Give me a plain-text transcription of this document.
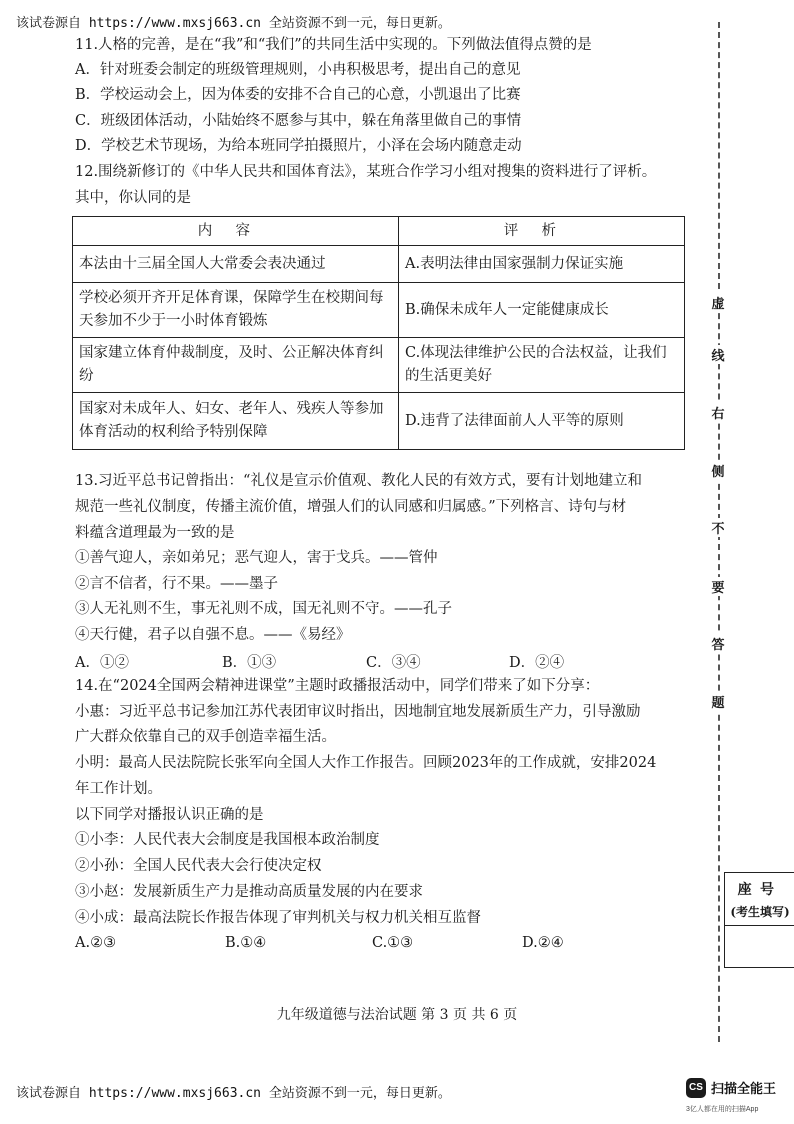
该试卷源自 https://www.mxsj663.cn 全站资源不到一元，每日更新。
11.人格的完善，是在“我”和“我们”的共同生活中实现的。下列做法值得点赞的是
A．针对班委会制定的班级管理规则，小冉积极思考，提出自己的意见
B．学校运动会上，因为体委的安排不合自己的心意，小凯退出了比赛
C．班级团体活动，小陆始终不愿参与其中，躲在角落里做自己的事情
D．学校艺术节现场，为给本班同学拍摄照片，小泽在会场内随意走动
12.围绕新修订的《中华人民共和国体育法》，某班合作学习小组对搜集的资料进行了评析。
其中，你认同的是
内容	评析
本法由十三届全国人大常委会表决通过	A.表明法律由国家强制力保证实施
学校必须开齐开足体育课，保障学生在校期间每天参加不少于一小时体育锻炼	B.确保未成年人一定能健康成长
国家建立体育仲裁制度，及时、公正解决体育纠纷	C.体现法律维护公民的合法权益，让我们的生活更美好
国家对未成年人、妇女、老年人、残疾人等参加体育活动的权利给予特别保障	D.违背了法律面前人人平等的原则
13.习近平总书记曾指出：“礼仪是宣示价值观、教化人民的有效方式，要有计划地建立和
规范一些礼仪制度，传播主流价值，增强人们的认同感和归属感。”下列格言、诗句与材
料蕴含道理最为一致的是
①善气迎人，亲如弟兄；恶气迎人，害于戈兵。——管仲
②言不信者，行不果。——墨子
③人无礼则不生，事无礼则不成，国无礼则不守。——孔子
④天行健，君子以自强不息。——《易经》
A．①②	B．①③	C．③④	D．②④
14.在“2024全国两会精神进课堂”主题时政播报活动中，同学们带来了如下分享：
小惠：习近平总书记参加江苏代表团审议时指出，因地制宜地发展新质生产力，引导激励
广大群众依靠自己的双手创造幸福生活。
小明：最高人民法院院长张军向全国人大作工作报告。回顾2023年的工作成就，安排2024
年工作计划。
以下同学对播报认识正确的是
①小李：人民代表大会制度是我国根本政治制度
②小孙：全国人民代表大会行使决定权
③小赵：发展新质生产力是推动高质量发展的内在要求
④小成：最高法院长作报告体现了审判机关与权力机关相互监督
A.②③	B.①④	C.①③	D.②④
虚
线
右
侧
不
要
答
题
座号
(考生填写)
九年级道德与法治试题 第 3 页 共 6 页
该试卷源自 https://www.mxsj663.cn 全站资源不到一元，每日更新。	CS 扫描全能王
3亿人都在用的扫描App
